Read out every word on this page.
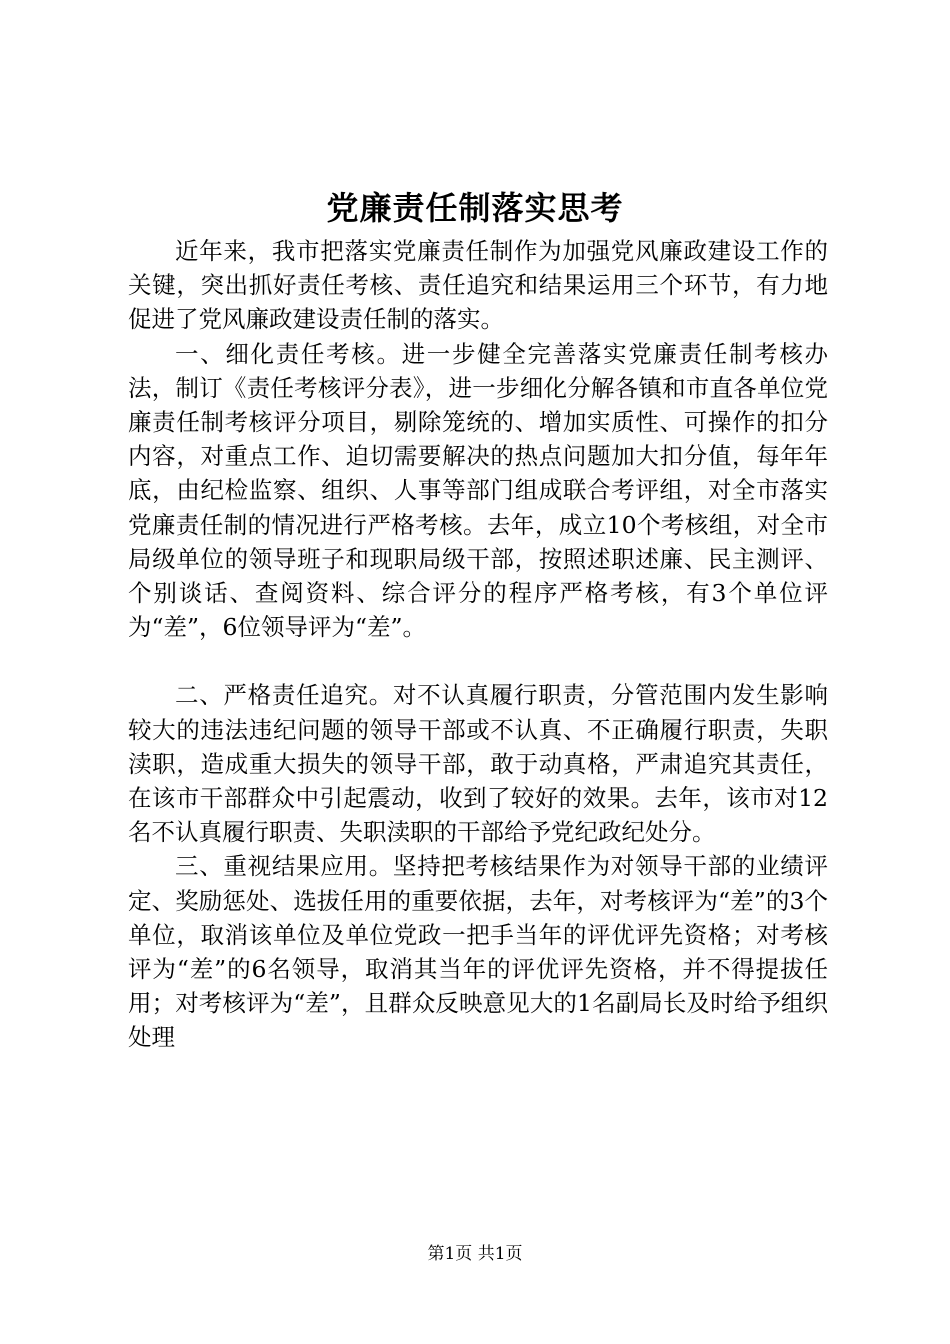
党廉责任制落实思考

近年来，我市把落实党廉责任制作为加强党风廉政建设工作的关键，突出抓好责任考核、责任追究和结果运用三个环节，有力地促进了党风廉政建设责任制的落实。

一、细化责任考核。进一步健全完善落实党廉责任制考核办法，制订《责任考核评分表》，进一步细化分解各镇和市直各单位党廉责任制考核评分项目，剔除笼统的、增加实质性、可操作的扣分内容，对重点工作、迫切需要解决的热点问题加大扣分值，每年年底，由纪检监察、组织、人事等部门组成联合考评组，对全市落实党廉责任制的情况进行严格考核。去年，成立10个考核组，对全市局级单位的领导班子和现职局级干部，按照述职述廉、民主测评、个别谈话、查阅资料、综合评分的程序严格考核，有3个单位评为“差”，6位领导评为“差”。

二、严格责任追究。对不认真履行职责，分管范围内发生影响较大的违法违纪问题的领导干部或不认真、不正确履行职责，失职渎职，造成重大损失的领导干部，敢于动真格，严肃追究其责任，在该市干部群众中引起震动，收到了较好的效果。去年，该市对12名不认真履行职责、失职渎职的干部给予党纪政纪处分。

三、重视结果应用。坚持把考核结果作为对领导干部的业绩评定、奖励惩处、选拔任用的重要依据，去年，对考核评为“差”的3个单位，取消该单位及单位党政一把手当年的评优评先资格；对考核评为“差”的6名领导，取消其当年的评优评先资格，并不得提拔任用；对考核评为“差”，且群众反映意见大的1名副局长及时给予组织处理

第1页 共1页
